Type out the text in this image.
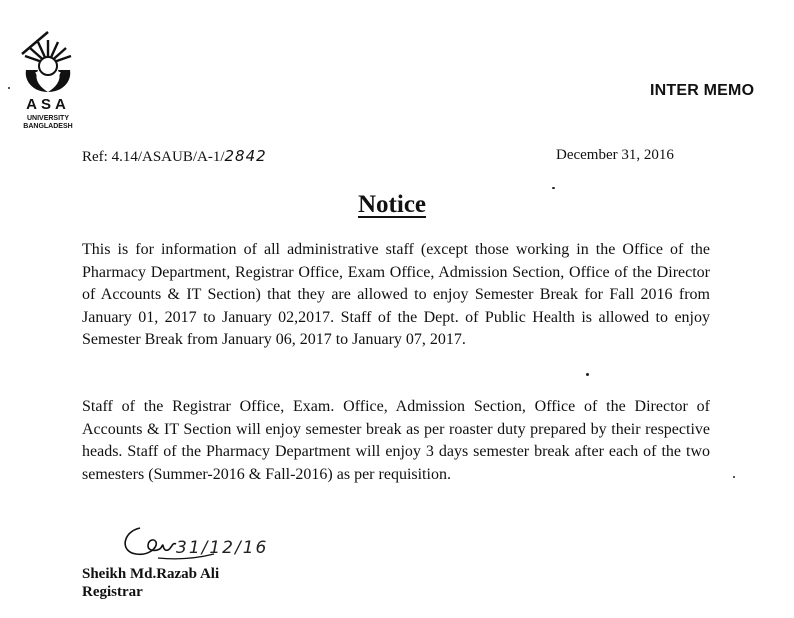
ASA
UNIVERSITY BANGLADESH
INTER MEMO
Ref: 4.14/ASAUB/A-1/2842	December 31, 2016
Notice

This is for information of all administrative staff (except those working in the Office of the Pharmacy Department, Registrar Office, Exam Office, Admission Section, Office of the Director of Accounts & IT Section) that they are allowed to enjoy Semester Break for Fall 2016 from January 01, 2017 to January 02,2017. Staff of the Dept. of Public Health is allowed to enjoy Semester Break from January 06, 2017 to January 07, 2017.

Staff of the Registrar Office, Exam. Office, Admission Section, Office of the Director of Accounts & IT Section will enjoy semester break as per roaster duty prepared by their respective heads. Staff of the Pharmacy Department will enjoy 3 days semester break after each of the two semesters (Summer-2016 & Fall-2016) as per requisition.

31/12/16
Sheikh Md.Razab Ali
Registrar
